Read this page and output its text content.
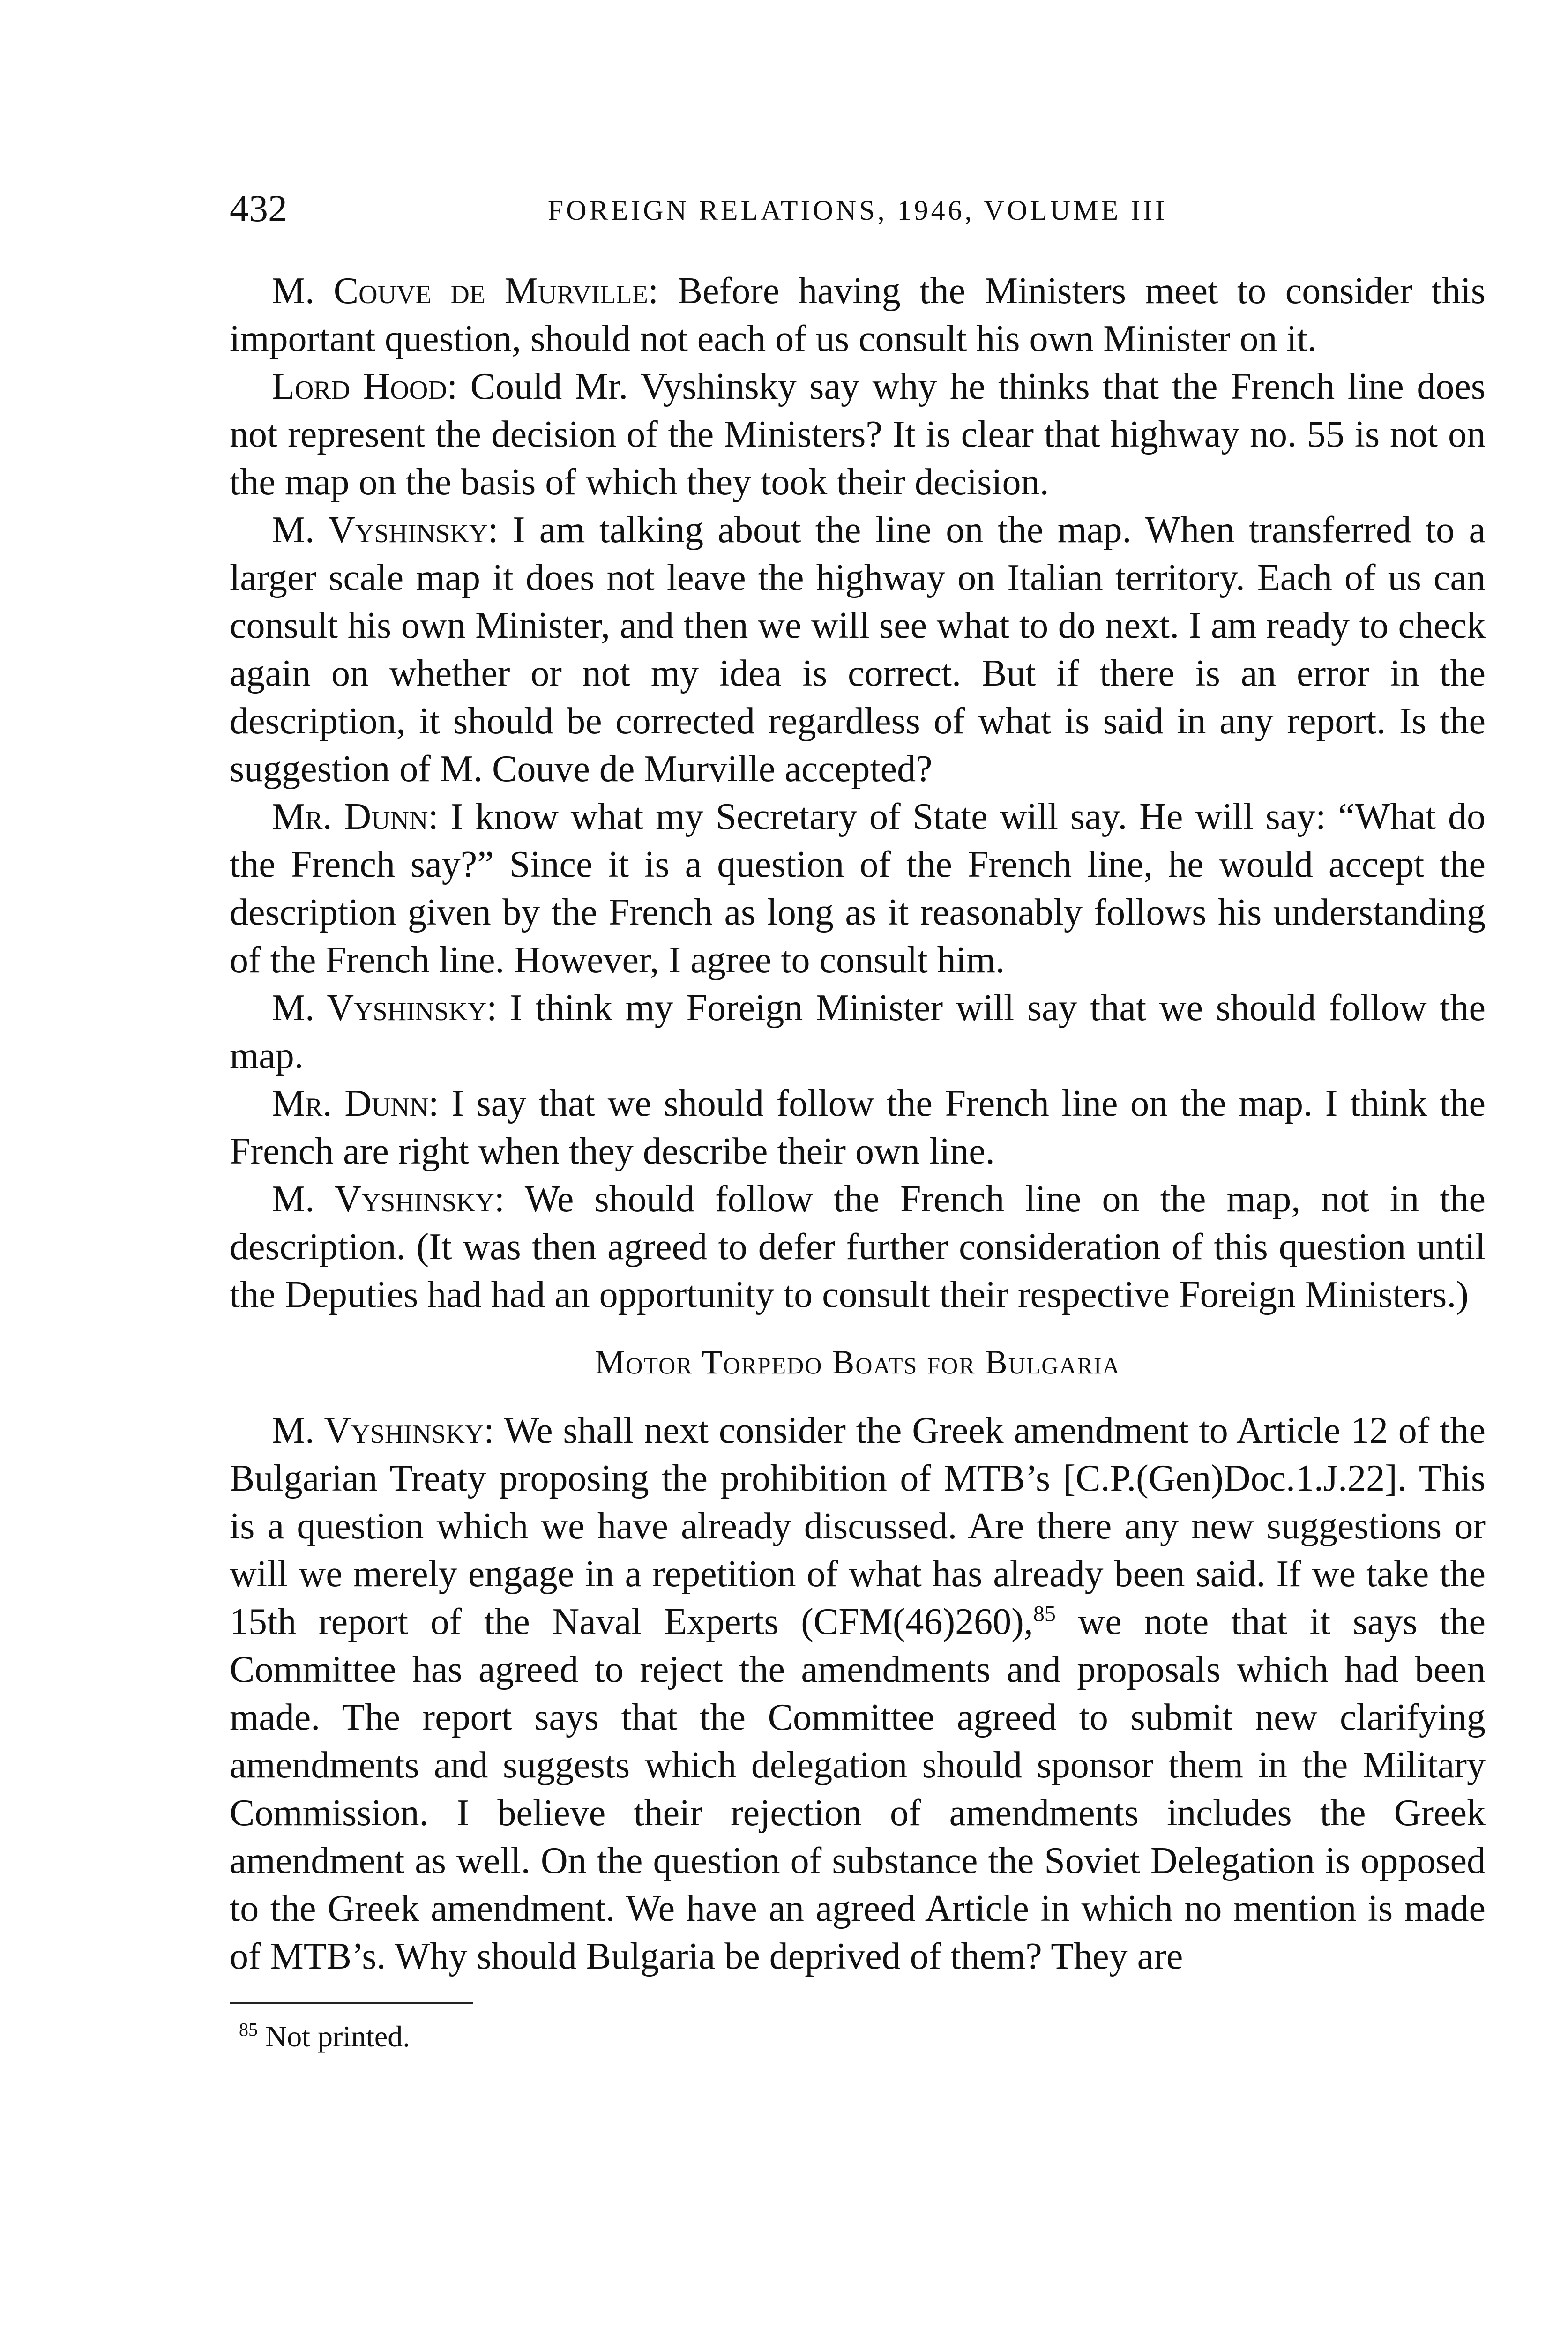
432	FOREIGN RELATIONS, 1946, VOLUME III

M. Couve de Murville: Before having the Ministers meet to consider this important question, should not each of us consult his own Minister on it.

Lord Hood: Could Mr. Vyshinsky say why he thinks that the French line does not represent the decision of the Ministers? It is clear that highway no. 55 is not on the map on the basis of which they took their decision.

M. Vyshinsky: I am talking about the line on the map. When transferred to a larger scale map it does not leave the highway on Italian territory. Each of us can consult his own Minister, and then we will see what to do next. I am ready to check again on whether or not my idea is correct. But if there is an error in the description, it should be corrected regardless of what is said in any report. Is the suggestion of M. Couve de Murville accepted?

Mr. Dunn: I know what my Secretary of State will say. He will say: “What do the French say?” Since it is a question of the French line, he would accept the description given by the French as long as it reasonably follows his understanding of the French line. However, I agree to consult him.

M. Vyshinsky: I think my Foreign Minister will say that we should follow the map.

Mr. Dunn: I say that we should follow the French line on the map. I think the French are right when they describe their own line.

M. Vyshinsky: We should follow the French line on the map, not in the description. (It was then agreed to defer further consideration of this question until the Deputies had had an opportunity to consult their respective Foreign Ministers.)

Motor Torpedo Boats for Bulgaria

M. Vyshinsky: We shall next consider the Greek amendment to Article 12 of the Bulgarian Treaty proposing the prohibition of MTB’s [C.P.(Gen)Doc.1.J.22]. This is a question which we have already discussed. Are there any new suggestions or will we merely engage in a repetition of what has already been said. If we take the 15th report of the Naval Experts (CFM(46)260),$^{85}$ we note that it says the Committee has agreed to reject the amendments and proposals which had been made. The report says that the Committee agreed to submit new clarifying amendments and suggests which delegation should sponsor them in the Military Commission. I believe their rejection of amendments includes the Greek amendment as well. On the question of substance the Soviet Delegation is opposed to the Greek amendment. We have an agreed Article in which no mention is made of MTB’s. Why should Bulgaria be deprived of them? They are

$^{85}$ Not printed.
